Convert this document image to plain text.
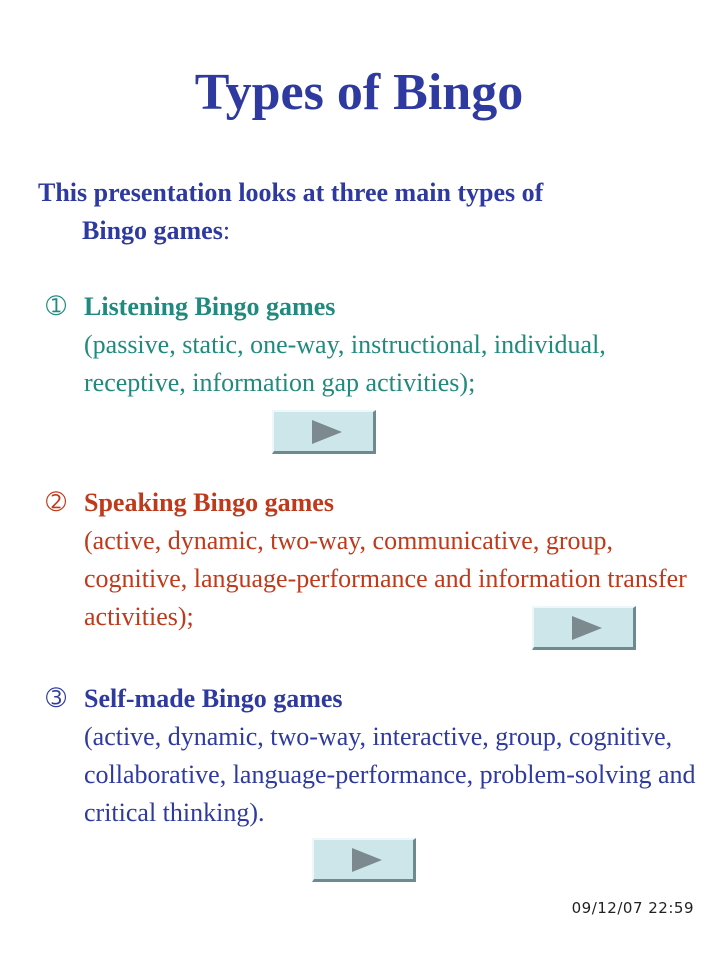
Types of Bingo
This presentation looks at three main types of
Bingo games:
➀ Listening Bingo games
(passive, static, one-way, instructional, individual, receptive, information gap activities);
➁ Speaking Bingo games
(active, dynamic, two-way, communicative, group, cognitive, language-performance and information transfer activities);
➂ Self-made Bingo games
(active, dynamic, two-way, interactive, group, cognitive, collaborative, language-performance, problem-solving and critical thinking).
09/12/07 22:59
